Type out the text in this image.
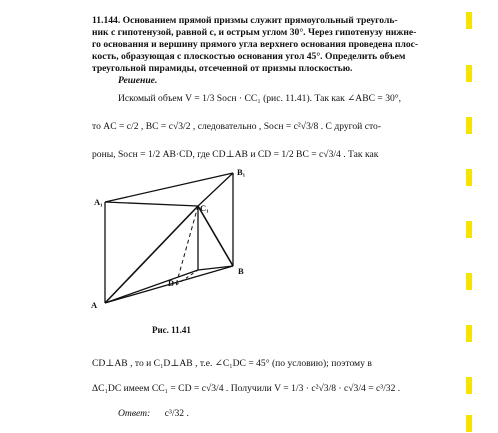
11.144. Основанием прямой призмы служит прямоугольный треуголь-
ник с гипотенузой, равной c, и острым углом 30°. Через гипотенузу нижне-
го основания и вершину прямого угла верхнего основания проведена плос-
кость, образующая с плоскостью основания угол 45°. Определить объем
треугольной пирамиды, отсеченной от призмы плоскостью.
Решение.
Искомый объем V = 1/3 Sосн · CC₁ (рис. 11.41). Так как ∠ABC = 30°,
то AC = c/2 , BC = c√3/2 , следовательно , Sосн = c²√3/8 . С другой сто-
роны, Sосн = 1/2 AB·CD, где CD⊥AB и CD = 1/2 BC = c√3/4 . Так как
A
B
B₁
C₁
D
A₁
Рис. 11.41
CD⊥AB , то и C₁D⊥AB , т.е. ∠C₁DC = 45° (по условию); поэтому в
ΔC₁DC имеем CC₁ = CD = c√3/4 . Получили V = 1/3 · c²√3/8 · c√3/4 = c³/32 .
Ответ: c³/32 .
